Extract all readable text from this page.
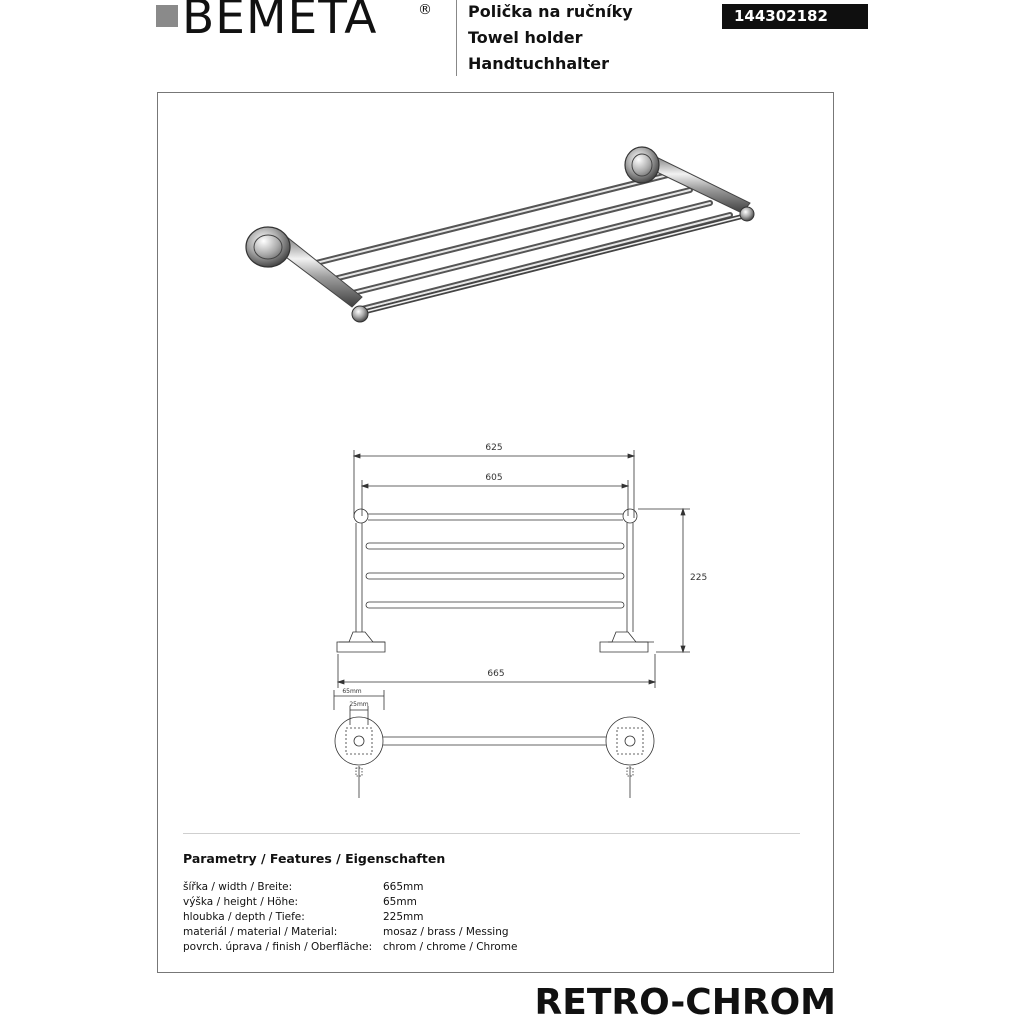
BEMETA	® Polička na ručníky
Towel holder
Handtuchhalter
144302182
625
605
225
665
65mm
25mm
Parametry / Features / Eigenschaften
šířka / width / Breite:	665mm
výška / height / Höhe:	65mm
hloubka / depth / Tiefe:	225mm
materiál / material / Material:	mosaz / brass / Messing
povrch. úprava / finish / Oberfläche: chrom / chrome / Chrome
RETRO-CHROM
